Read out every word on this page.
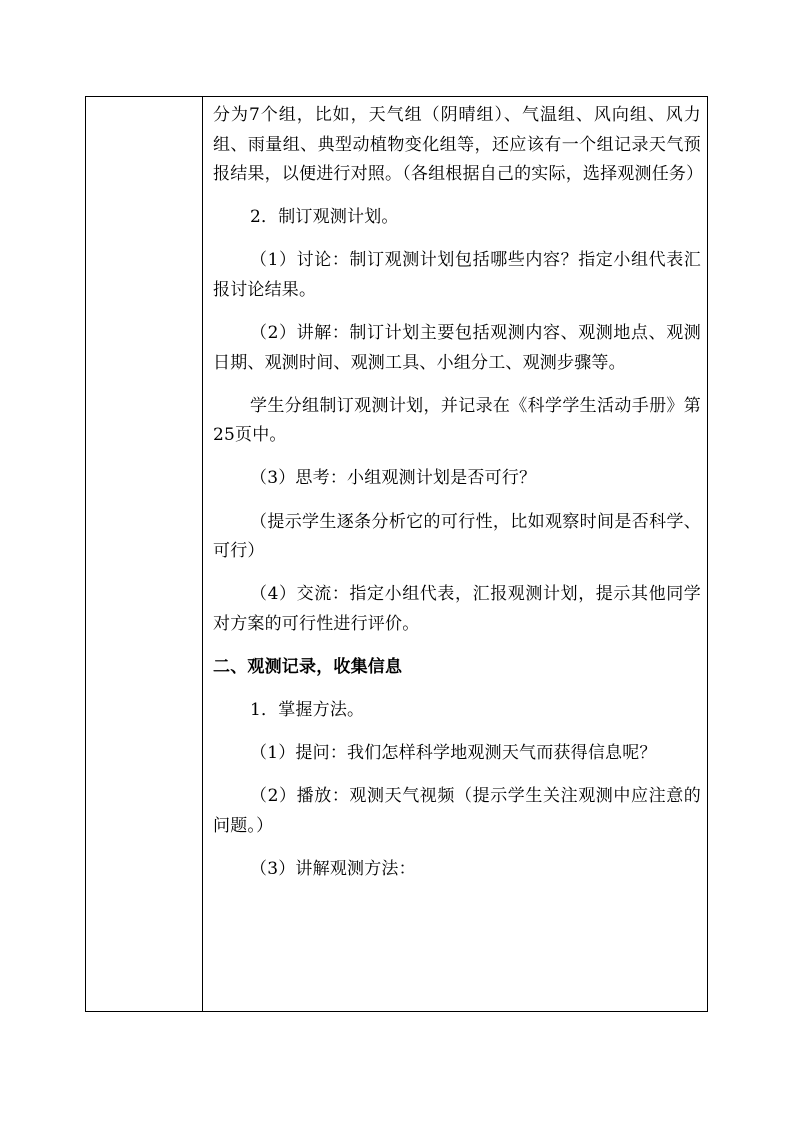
分为7个组，比如，天气组（阴晴组）、气温组、风向组、风力组、雨量组、典型动植物变化组等，还应该有一个组记录天气预报结果，以便进行对照。（各组根据自己的实际，选择观测任务）

2．制订观测计划。

（1）讨论：制订观测计划包括哪些内容？指定小组代表汇报讨论结果。

（2）讲解：制订计划主要包括观测内容、观测地点、观测日期、观测时间、观测工具、小组分工、观测步骤等。

学生分组制订观测计划，并记录在《科学学生活动手册》第25页中。

（3）思考：小组观测计划是否可行？

（提示学生逐条分析它的可行性，比如观察时间是否科学、可行）

（4）交流：指定小组代表，汇报观测计划，提示其他同学对方案的可行性进行评价。

二、观测记录，收集信息

1．掌握方法。

（1）提问：我们怎样科学地观测天气而获得信息呢？

（2）播放：观测天气视频（提示学生关注观测中应注意的问题。）

（3）讲解观测方法：
